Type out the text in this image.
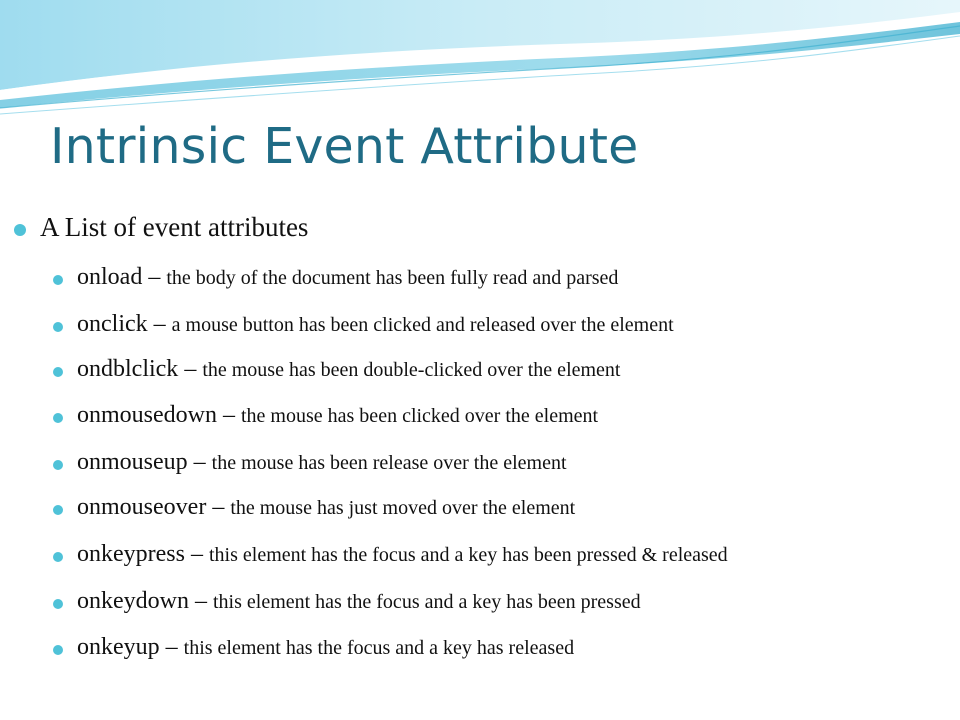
Intrinsic Event Attribute
A List of event attributes
onload – the body of the document has been fully read and parsed
onclick – a mouse button has been clicked and released over the element
ondblclick – the mouse has been double-clicked over the element
onmousedown – the mouse has been clicked over the element
onmouseup – the mouse has been release over the element
onmouseover – the mouse has just moved over the element
onkeypress – this element has the focus and a key has been pressed & released
onkeydown – this element has the focus and a key has been pressed
onkeyup – this element has the focus and a key has released
